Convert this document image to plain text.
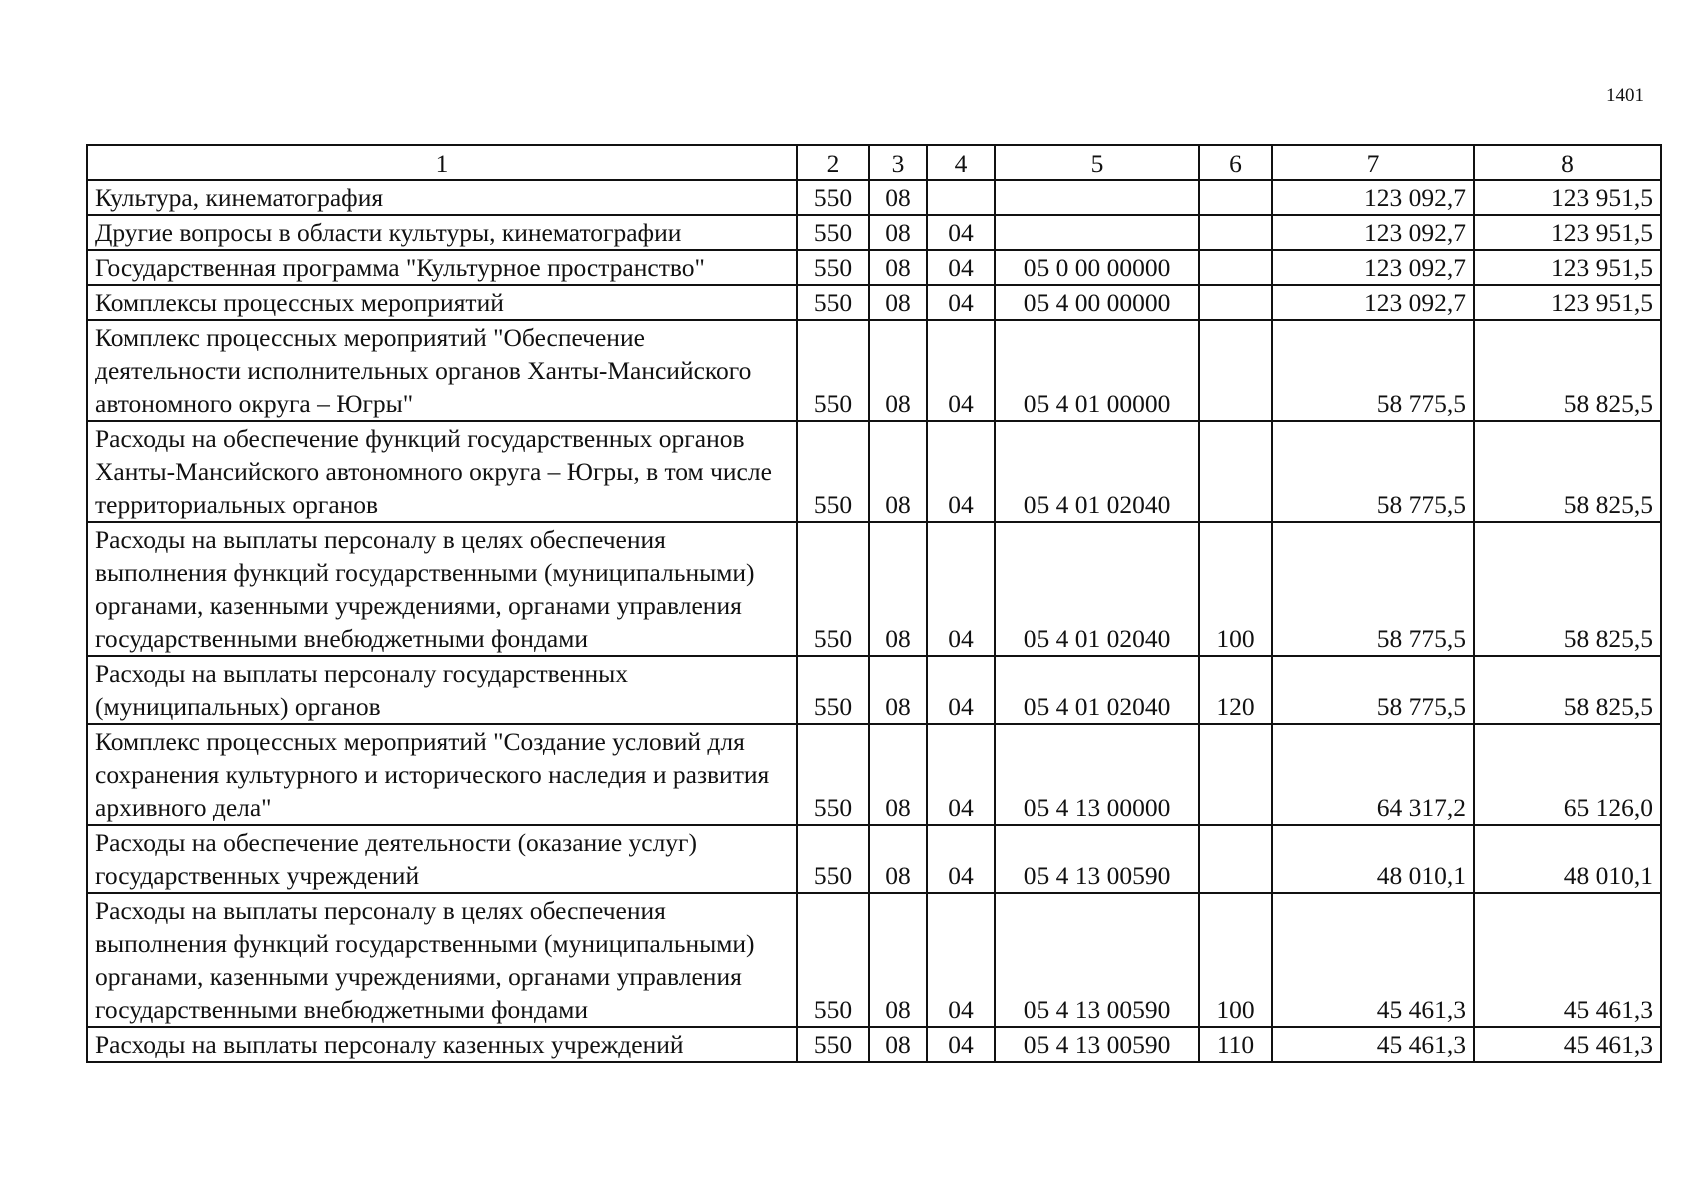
1401
1	2	3	4	5	6	7	8
Культура, кинематография	550	08				123 092,7	123 951,5
Другие вопросы в области культуры, кинематографии	550	08	04			123 092,7	123 951,5
Государственная программа "Культурное пространство"	550	08	04	05 0 00 00000		123 092,7	123 951,5
Комплексы процессных мероприятий	550	08	04	05 4 00 00000		123 092,7	123 951,5
Комплекс процессных мероприятий "Обеспечение деятельности исполнительных органов Ханты-Мансийского автономного округа – Югры"	550	08	04	05 4 01 00000		58 775,5	58 825,5
Расходы на обеспечение функций государственных органов Ханты-Мансийского автономного округа – Югры, в том числе территориальных органов	550	08	04	05 4 01 02040		58 775,5	58 825,5
Расходы на выплаты персоналу в целях обеспечения выполнения функций государственными (муниципальными) органами, казенными учреждениями, органами управления государственными внебюджетными фондами	550	08	04	05 4 01 02040	100	58 775,5	58 825,5
Расходы на выплаты персоналу государственных (муниципальных) органов	550	08	04	05 4 01 02040	120	58 775,5	58 825,5
Комплекс процессных мероприятий "Создание условий для сохранения культурного и исторического наследия и развития архивного дела"	550	08	04	05 4 13 00000		64 317,2	65 126,0
Расходы на обеспечение деятельности (оказание услуг) государственных учреждений	550	08	04	05 4 13 00590		48 010,1	48 010,1
Расходы на выплаты персоналу в целях обеспечения выполнения функций государственными (муниципальными) органами, казенными учреждениями, органами управления государственными внебюджетными фондами	550	08	04	05 4 13 00590	100	45 461,3	45 461,3
Расходы на выплаты персоналу казенных учреждений	550	08	04	05 4 13 00590	110	45 461,3	45 461,3
